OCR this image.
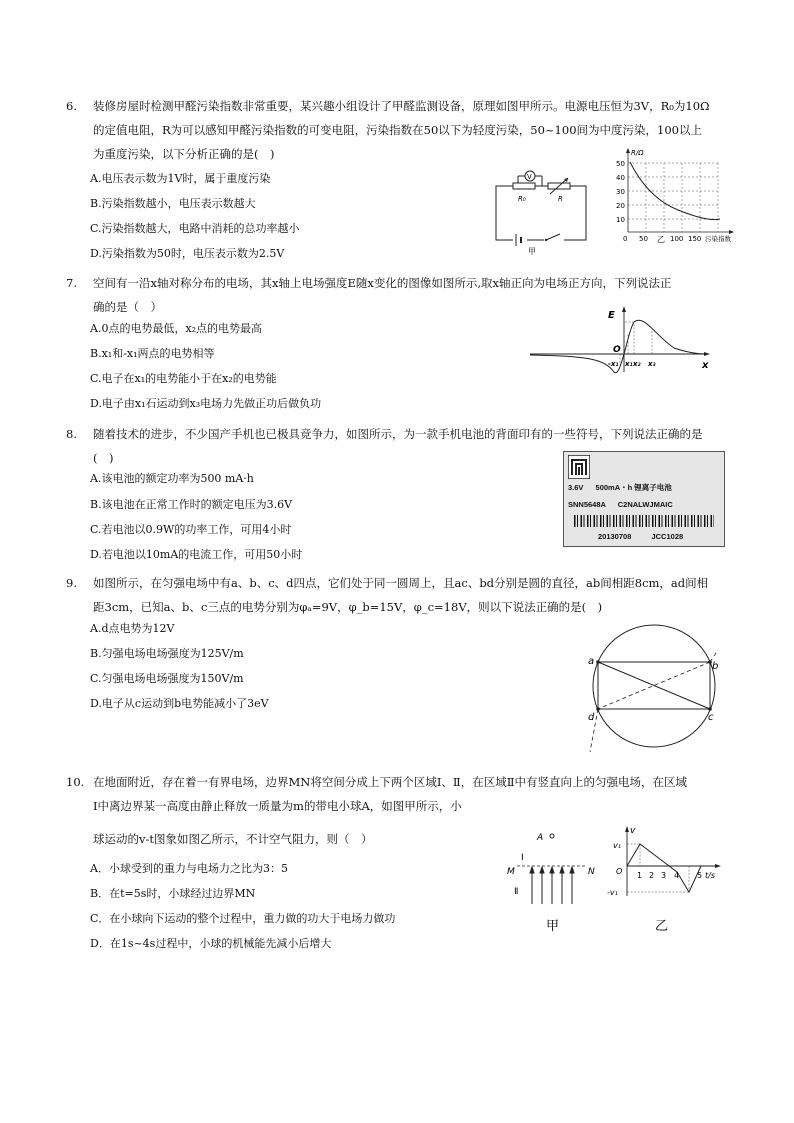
6. 装修房屋时检测甲醛污染指数非常重要，某兴趣小组设计了甲醛监测设备，原理如图甲所示。电源电压恒为3V，R₀为10Ω
的定值电阻，R为可以感知甲醛污染指数的可变电阻，污染指数在50以下为轻度污染，50~100间为中度污染，100以上
为重度污染，以下分析正确的是(　)
A.电压表示数为1V时，属于重度污染
B.污染指数越小，电压表示数越大
C.污染指数越大，电路中消耗的总功率越小
D.污染指数为50时，电压表示数为2.5V
V
R₀	R
甲
R/Ω
50
40
30
20
10
0 50 乙 100 150 污染指数
7. 空间有一沿x轴对称分布的电场，其x轴上电场强度E随x变化的图像如图所示,取x轴正向为电场正方向，下列说法正
确的是（　）
A.0点的电势最低，x₂点的电势最高
B.x₁和-x₁两点的电势相等
C.电子在x₁的电势能小于在x₂的电势能
D.电子由x₁石运动到x₃电场力先做正功后做负功
E
O
x
-x₁ x₁ x₂ x₃
8. 随着技术的进步，不少国产手机也已极具竞争力，如图所示，为一款手机电池的背面印有的一些符号，下列说法正确的是
(　)
A.该电池的额定功率为500 mA·h
B.该电池在正常工作时的额定电压为3.6V
C.若电池以0.9W的功率工作，可用4小时
D.若电池以10mA的电流工作，可用50小时
3.6V 500mA・h 锂离子电池
SNN5648A C2NALWJMAIC
20130708	JCC1028
9. 如图所示，在匀强电场中有a、b、c、d四点，它们处于同一圆周上，且ac、bd分别是圆的直径，ab间相距8cm，ad间相
距3cm，已知a、b、c三点的电势分别为φₐ=9V，φ_b=15V，φ_c=18V，则以下说法正确的是(　)
A.d点电势为12V
B.匀强电场电场强度为125V/m
C.匀强电场电场强度为150V/m
D.电子从c运动到b电势能减小了3eV
a	b
c
d
10. 在地面附近，存在着一有界电场，边界MN将空间分成上下两个区域Ⅰ、Ⅱ，在区域Ⅱ中有竖直向上的匀强电场，在区域
Ⅰ中离边界某一高度由静止释放一质量为m的带电小球A，如图甲所示，小
球运动的v-t图象如图乙所示，不计空气阻力，则（　）
A．小球受到的重力与电场力之比为3：5
B．在t=5s时，小球经过边界MN
C．在小球向下运动的整个过程中，重力做的功大于电场力做功
D．在1s~4s过程中，小球的机械能先减小后增大
A
Ⅰ
M	N
Ⅱ
甲
v
v₁
O
-v₁
1 2 3 4 5 t/s
乙
